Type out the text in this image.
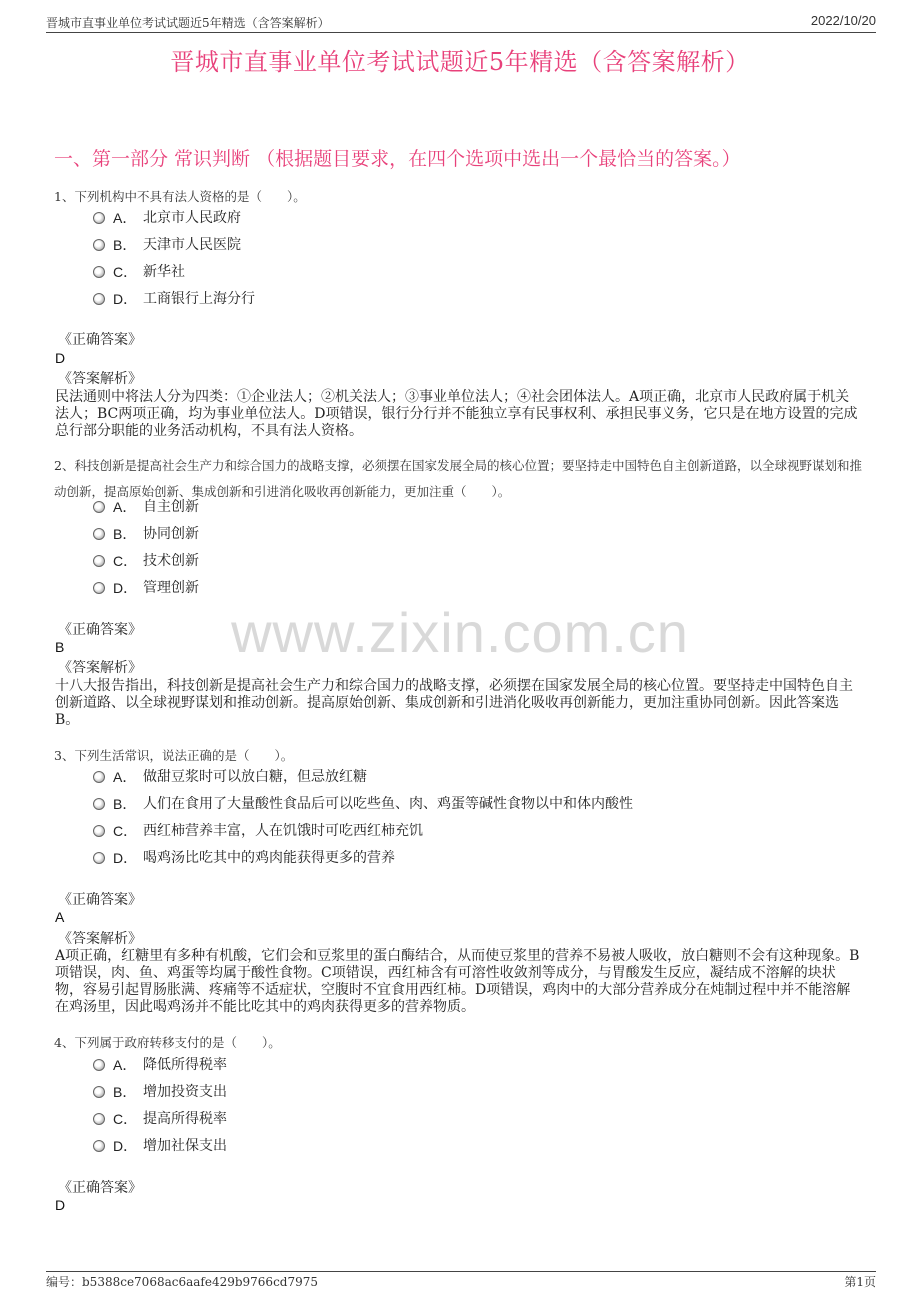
晋城市直事业单位考试试题近5年精选（含答案解析）	2022/10/20
晋城市直事业单位考试试题近5年精选（含答案解析）
一、第一部分 常识判断 （根据题目要求，在四个选项中选出一个最恰当的答案。）
www.zixin.com.cn
1、下列机构中不具有法人资格的是（　　）。
A． 北京市人民政府
B． 天津市人民医院
C． 新华社
D． 工商银行上海分行
《正确答案》
D
《答案解析》
民法通则中将法人分为四类：①企业法人；②机关法人；③事业单位法人；④社会团体法人。A项正确，北京市人民政府属于机关法人；BC两项正确，均为事业单位法人。D项错误，银行分行并不能独立享有民事权利、承担民事义务，它只是在地方设置的完成总行部分职能的业务活动机构，不具有法人资格。
2、科技创新是提高社会生产力和综合国力的战略支撑，必须摆在国家发展全局的核心位置；要坚持走中国特色自主创新道路，以全球视野谋划和推动创新，提高原始创新、集成创新和引进消化吸收再创新能力，更加注重（　　）。
A． 自主创新
B． 协同创新
C． 技术创新
D． 管理创新
《正确答案》
B
《答案解析》
十八大报告指出，科技创新是提高社会生产力和综合国力的战略支撑，必须摆在国家发展全局的核心位置。要坚持走中国特色自主创新道路、以全球视野谋划和推动创新。提高原始创新、集成创新和引进消化吸收再创新能力，更加注重协同创新。因此答案选B。
3、下列生活常识，说法正确的是（　　）。
A． 做甜豆浆时可以放白糖，但忌放红糖
B． 人们在食用了大量酸性食品后可以吃些鱼、肉、鸡蛋等碱性食物以中和体内酸性
C． 西红柿营养丰富，人在饥饿时可吃西红柿充饥
D． 喝鸡汤比吃其中的鸡肉能获得更多的营养
《正确答案》
A
《答案解析》
A项正确，红糖里有多种有机酸，它们会和豆浆里的蛋白酶结合，从而使豆浆里的营养不易被人吸收，放白糖则不会有这种现象。B项错误，肉、鱼、鸡蛋等均属于酸性食物。C项错误，西红柿含有可溶性收敛剂等成分，与胃酸发生反应，凝结成不溶解的块状物，容易引起胃肠胀满、疼痛等不适症状，空腹时不宜食用西红柿。D项错误，鸡肉中的大部分营养成分在炖制过程中并不能溶解在鸡汤里，因此喝鸡汤并不能比吃其中的鸡肉获得更多的营养物质。
4、下列属于政府转移支付的是（　　）。
A． 降低所得税率
B． 增加投资支出
C． 提高所得税率
D． 增加社保支出
《正确答案》
D
编号：b5388ce7068ac6aafe429b9766cd7975	第1页
